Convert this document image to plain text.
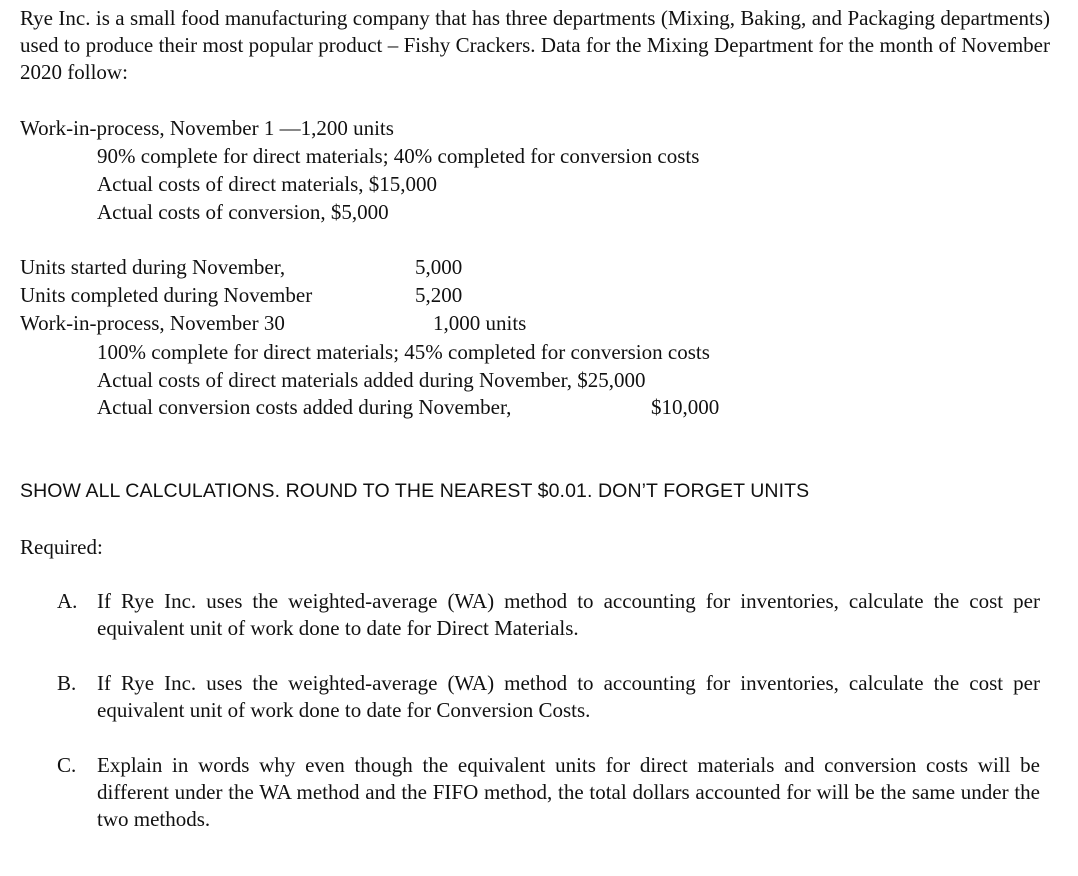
Rye Inc. is a small food manufacturing company that has three departments (Mixing, Baking, and Packaging departments) used to produce their most popular product – Fishy Crackers. Data for the Mixing Department for the month of November 2020 follow:
Work-in-process, November 1 —1,200 units
90% complete for direct materials; 40% completed for conversion costs
Actual costs of direct materials, $15,000
Actual costs of conversion, $5,000
Units started during November,	5,000
Units completed during November	5,200
Work-in-process, November 30	1,000 units
100% complete for direct materials; 45% completed for conversion costs
Actual costs of direct materials added during November, $25,000
Actual conversion costs added during November,	$10,000
SHOW ALL CALCULATIONS. ROUND TO THE NEAREST $0.01. DON’T FORGET UNITS
Required:
A. If Rye Inc. uses the weighted-average (WA) method to accounting for inventories, calculate the cost per equivalent unit of work done to date for Direct Materials.
B. If Rye Inc. uses the weighted-average (WA) method to accounting for inventories, calculate the cost per equivalent unit of work done to date for Conversion Costs.
C. Explain in words why even though the equivalent units for direct materials and conversion costs will be different under the WA method and the FIFO method, the total dollars accounted for will be the same under the two methods.
